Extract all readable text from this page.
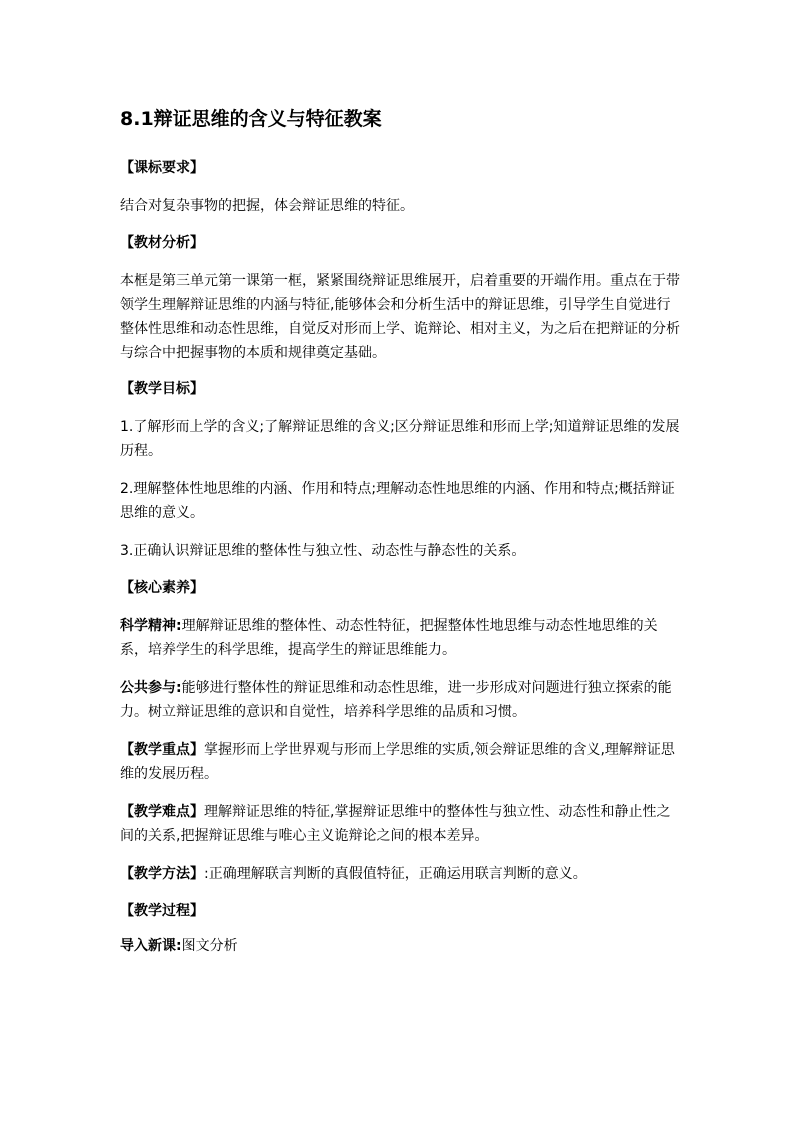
8.1辩证思维的含义与特征教案
【课标要求】
结合对复杂事物的把握，体会辩证思维的特征。
【教材分析】
本框是第三单元第一课第一框，紧紧围绕辩证思维展开，启着重要的开端作用。重点在于带领学生理解辩证思维的内涵与特征,能够体会和分析生活中的辩证思维，引导学生自觉进行整体性思维和动态性思维，自觉反对形而上学、诡辩论、相对主义，为之后在把辩证的分析与综合中把握事物的本质和规律奠定基础。
【教学目标】
1.了解形而上学的含义;了解辩证思维的含义;区分辩证思维和形而上学;知道辩证思维的发展历程。
2.理解整体性地思维的内涵、作用和特点;理解动态性地思维的内涵、作用和特点;概括辩证思维的意义。
3.正确认识辩证思维的整体性与独立性、动态性与静态性的关系。
【核心素养】
科学精神:理解辩证思维的整体性、动态性特征，把握整体性地思维与动态性地思维的关系，培养学生的科学思维，提高学生的辩证思维能力。
公共参与:能够进行整体性的辩证思维和动态性思维，进一步形成对问题进行独立探索的能力。树立辩证思维的意识和自觉性，培养科学思维的品质和习惯。
【教学重点】掌握形而上学世界观与形而上学思维的实质,领会辩证思维的含义,理解辩证思维的发展历程。
【教学难点】理解辩证思维的特征,掌握辩证思维中的整体性与独立性、动态性和静止性之间的关系,把握辩证思维与唯心主义诡辩论之间的根本差异。
【教学方法】:正确理解联言判断的真假值特征，正确运用联言判断的意义。
【教学过程】
导入新课:图文分析
